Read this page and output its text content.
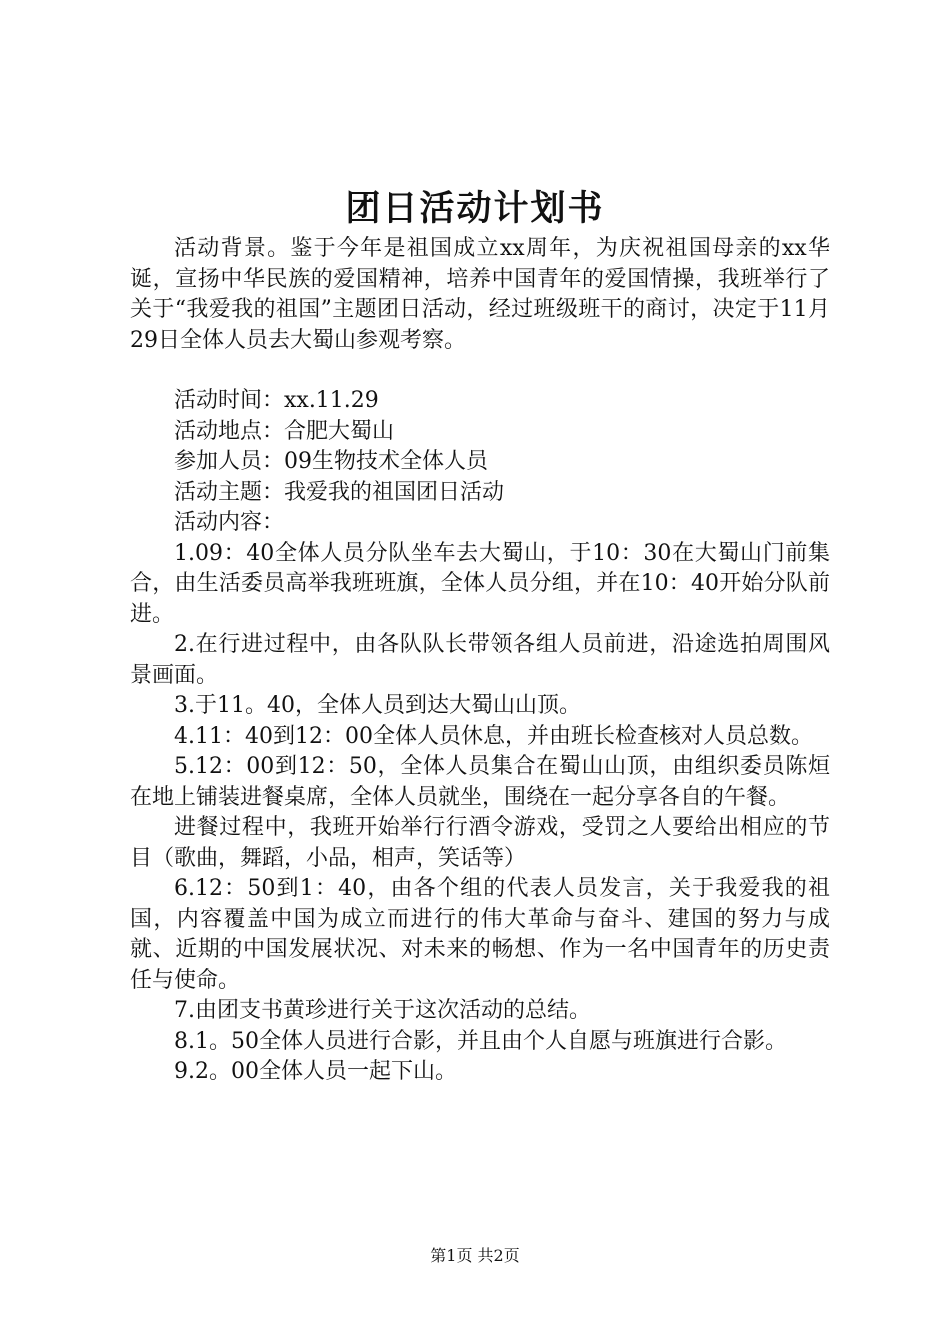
团日活动计划书

活动背景。鉴于今年是祖国成立xx周年，为庆祝祖国母亲的xx华诞，宣扬中华民族的爱国精神，培养中国青年的爱国情操，我班举行了关于“我爱我的祖国”主题团日活动，经过班级班干的商讨，决定于11月29日全体人员去大蜀山参观考察。

活动时间：xx.11.29

活动地点：合肥大蜀山

参加人员：09生物技术全体人员

活动主题：我爱我的祖国团日活动

活动内容：

1.09：40全体人员分队坐车去大蜀山，于10：30在大蜀山门前集合，由生活委员高举我班班旗，全体人员分组，并在10：40开始分队前进。

2.在行进过程中，由各队队长带领各组人员前进，沿途选拍周围风景画面。

3.于11。40，全体人员到达大蜀山山顶。

4.11：40到12：00全体人员休息，并由班长检查核对人员总数。

5.12：00到12：50，全体人员集合在蜀山山顶，由组织委员陈烜在地上铺装进餐桌席，全体人员就坐，围绕在一起分享各自的午餐。

进餐过程中，我班开始举行行酒令游戏，受罚之人要给出相应的节目（歌曲，舞蹈，小品，相声，笑话等）

6.12：50到1：40，由各个组的代表人员发言，关于我爱我的祖国，内容覆盖中国为成立而进行的伟大革命与奋斗、建国的努力与成就、近期的中国发展状况、对未来的畅想、作为一名中国青年的历史责任与使命。

7.由团支书黄珍进行关于这次活动的总结。

8.1。50全体人员进行合影，并且由个人自愿与班旗进行合影。

9.2。00全体人员一起下山。

第1页 共2页
